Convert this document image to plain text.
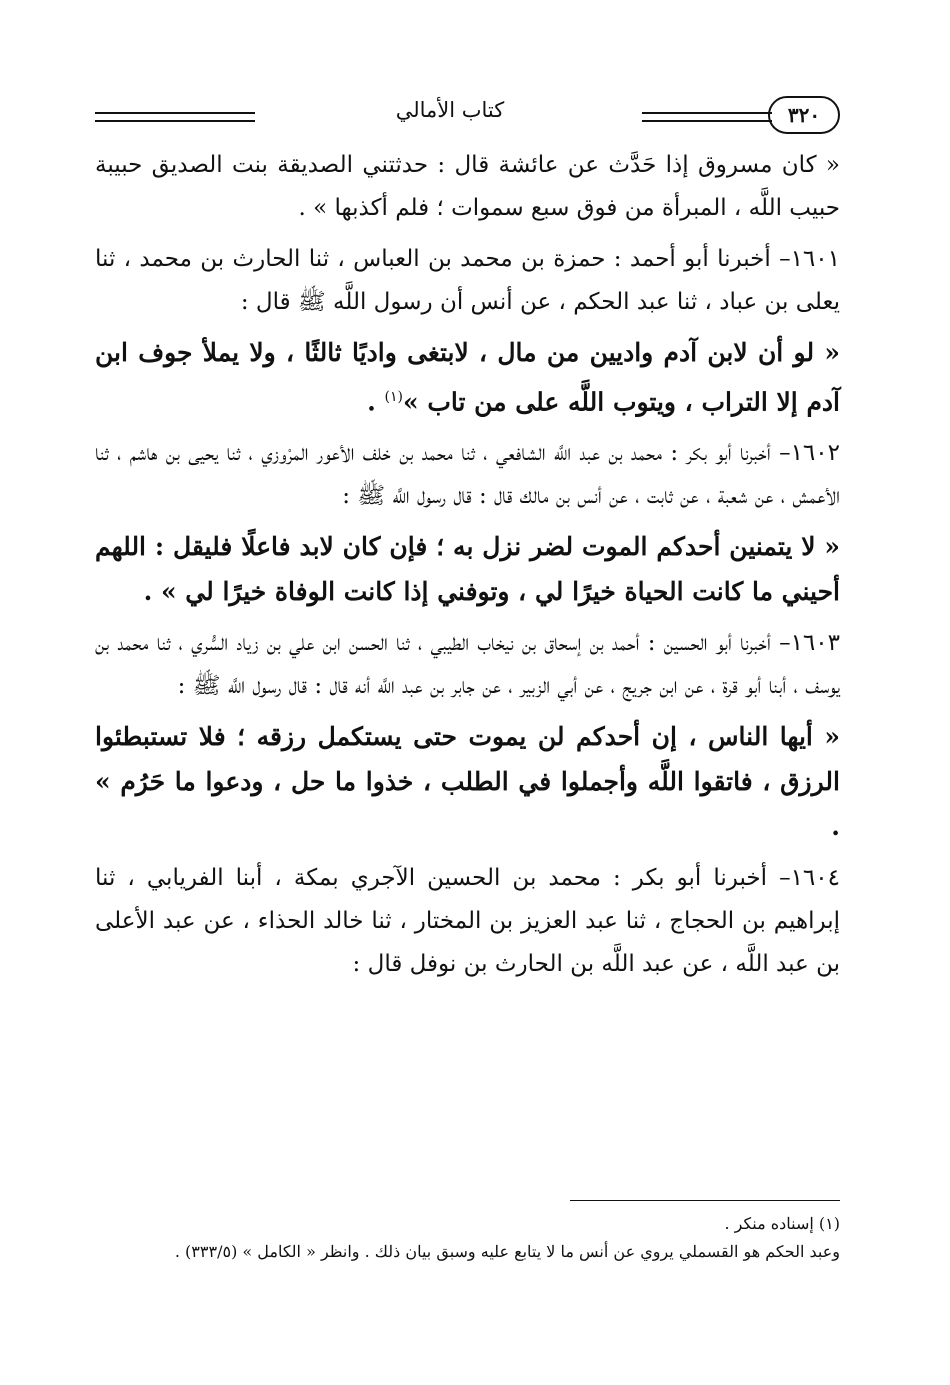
٣٢٠
كتاب الأمالي

« كان مسروق إذا حَدَّث عن عائشة قال : حدثتني الصديقة بنت الصديق حبيبة حبيب اللَّه ، المبرأة من فوق سبع سموات ؛ فلم أكذبها » .

١٦٠١– أخبرنا أبو أحمد : حمزة بن محمد بن العباس ، ثنا الحارث بن محمد ، ثنا يعلى بن عباد ، ثنا عبد الحكم ، عن أنس أن رسول اللَّه ﷺ قال :

« لو أن لابن آدم واديين من مال ، لابتغى واديًا ثالثًا ، ولا يملأ جوف ابن آدم إلا التراب ، ويتوب اللَّه على من تاب »$^{(١)}$ .

١٦٠٢– أخبرنا أبو بكر : محمد بن عبد اللَّه الشافعي ، ثنا محمد بن خلف الأعور المرْوزي ، ثنا يحيى بن هاشم ، ثنا الأعمش ، عن شعبة ، عن ثابت ، عن أنس بن مالك قال : قال رسول اللَّه ﷺ :

« لا يتمنين أحدكم الموت لضر نزل به ؛ فإن كان لابد فاعلًا فليقل : اللهم أحيني ما كانت الحياة خيرًا لي ، وتوفني إذا كانت الوفاة خيرًا لي » .

١٦٠٣– أخبرنا أبو الحسين : أحمد بن إسحاق بن نيخاب الطيبي ، ثنا الحسن ابن علي بن زياد السُّري ، ثنا محمد بن يوسف ، أبنا أبو قرة ، عن ابن جريج ، عن أبي الزبير ، عن جابر بن عبد اللَّه أنه قال : قال رسول اللَّه ﷺ :

« أيها الناس ، إن أحدكم لن يموت حتى يستكمل رزقه ؛ فلا تستبطئوا الرزق ، فاتقوا اللَّه وأجملوا في الطلب ، خذوا ما حل ، ودعوا ما حَرُم » .

١٦٠٤– أخبرنا أبو بكر : محمد بن الحسين الآجري بمكة ، أبنا الفريابي ، ثنا إبراهيم بن الحجاج ، ثنا عبد العزيز بن المختار ، ثنا خالد الحذاء ، عن عبد الأعلى بن عبد اللَّه ، عن عبد اللَّه بن الحارث بن نوفل قال :

(١) إسناده منكر .

وعبد الحكم هو القسملي يروي عن أنس ما لا يتابع عليه وسبق بيان ذلك . وانظر « الكامل » (٣٣٣/٥) .
